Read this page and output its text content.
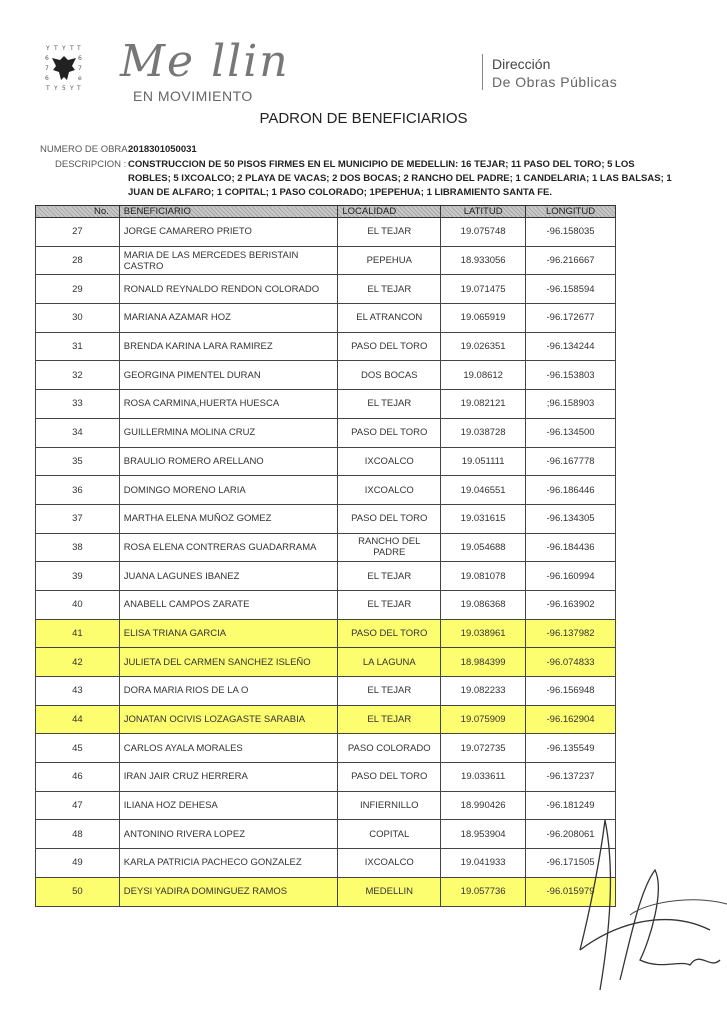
Y T Y T T
T Y 5 Y T
6
7
6
6
7
e Me llin
EN MOVIMIENTO
Dirección
De Obras Públicas
PADRON DE BENEFICIARIOS
NUMERO DE OBRA:
2018301050031
DESCRIPCION : CONSTRUCCION DE 50 PISOS FIRMES EN EL MUNICIPIO DE MEDELLIN: 16 TEJAR; 11 PASO DEL TORO; 5 LOS
ROBLES; 5 IXCOALCO; 2 PLAYA DE VACAS; 2 DOS BOCAS; 2 RANCHO DEL PADRE; 1 CANDELARIA; 1 LAS BALSAS; 1
JUAN DE ALFARO; 1 COPITAL; 1 PASO COLORADO; 1PEPEHUA; 1 LIBRAMIENTO SANTA FE.
No.	BENEFICIARIO	LOCALIDAD	LATITUD	LONGITUD
27	JORGE CAMARERO PRIETO	EL TEJAR	19.075748	-96.158035
28	MARIA DE LAS MERCEDES BERISTAIN CASTRO	PEPEHUA	18.933056	-96.216667
29	RONALD REYNALDO RENDON COLORADO	EL TEJAR	19.071475	-96.158594
30	MARIANA AZAMAR HOZ	EL ATRANCON	19.065919	-96.172677
31	BRENDA KARINA LARA RAMIREZ	PASO DEL TORO	19.026351	-96.134244
32	GEORGINA PIMENTEL DURAN	DOS BOCAS	19.08612	-96.153803
33	ROSA CARMINA,HUERTA HUESCA	EL TEJAR	19.082121	;96.158903
34	GUILLERMINA MOLINA CRUZ	PASO DEL TORO	19.038728	-96.134500
35	BRAULIO ROMERO ARELLANO	IXCOALCO	19.051111	-96.167778
36	DOMINGO MORENO LARIA	IXCOALCO	19.046551	-96.186446
37	MARTHA ELENA MUÑOZ GOMEZ	PASO DEL TORO	19.031615	-96.134305
38	ROSA ELENA CONTRERAS GUADARRAMA	RANCHO DEL PADRE	19.054688	-96.184436
39	JUANA LAGUNES IBANEZ	EL TEJAR	19.081078	-96.160994
40	ANABELL CAMPOS ZARATE	EL TEJAR	19.086368	-96.163902
41	ELISA TRIANA GARCIA	PASO DEL TORO	19.038961	-96.137982
42	JULIETA DEL CARMEN SANCHEZ ISLEÑO	LA LAGUNA	18.984399	-96.074833
43	DORA MARIA RIOS DE LA O	EL TEJAR	19.082233	-96.156948
44	JONATAN OCIVIS LOZAGASTE SARABIA	EL TEJAR	19.075909	-96.162904
45	CARLOS AYALA MORALES	PASO COLORADO	19.072735	-96.135549
46	IRAN JAIR CRUZ HERRERA	PASO DEL TORO	19.033611	-96.137237
47	ILIANA HOZ DEHESA	INFIERNILLO	18.990426	-96.181249
48	ANTONINO RIVERA LOPEZ	COPITAL	18.953904	-96.208061
49	KARLA PATRICIA PACHECO GONZALEZ	IXCOALCO	19.041933	-96.171505
50	DEYSI YADIRA DOMINGUEZ RAMOS	MEDELLIN	19.057736	-96.015979
